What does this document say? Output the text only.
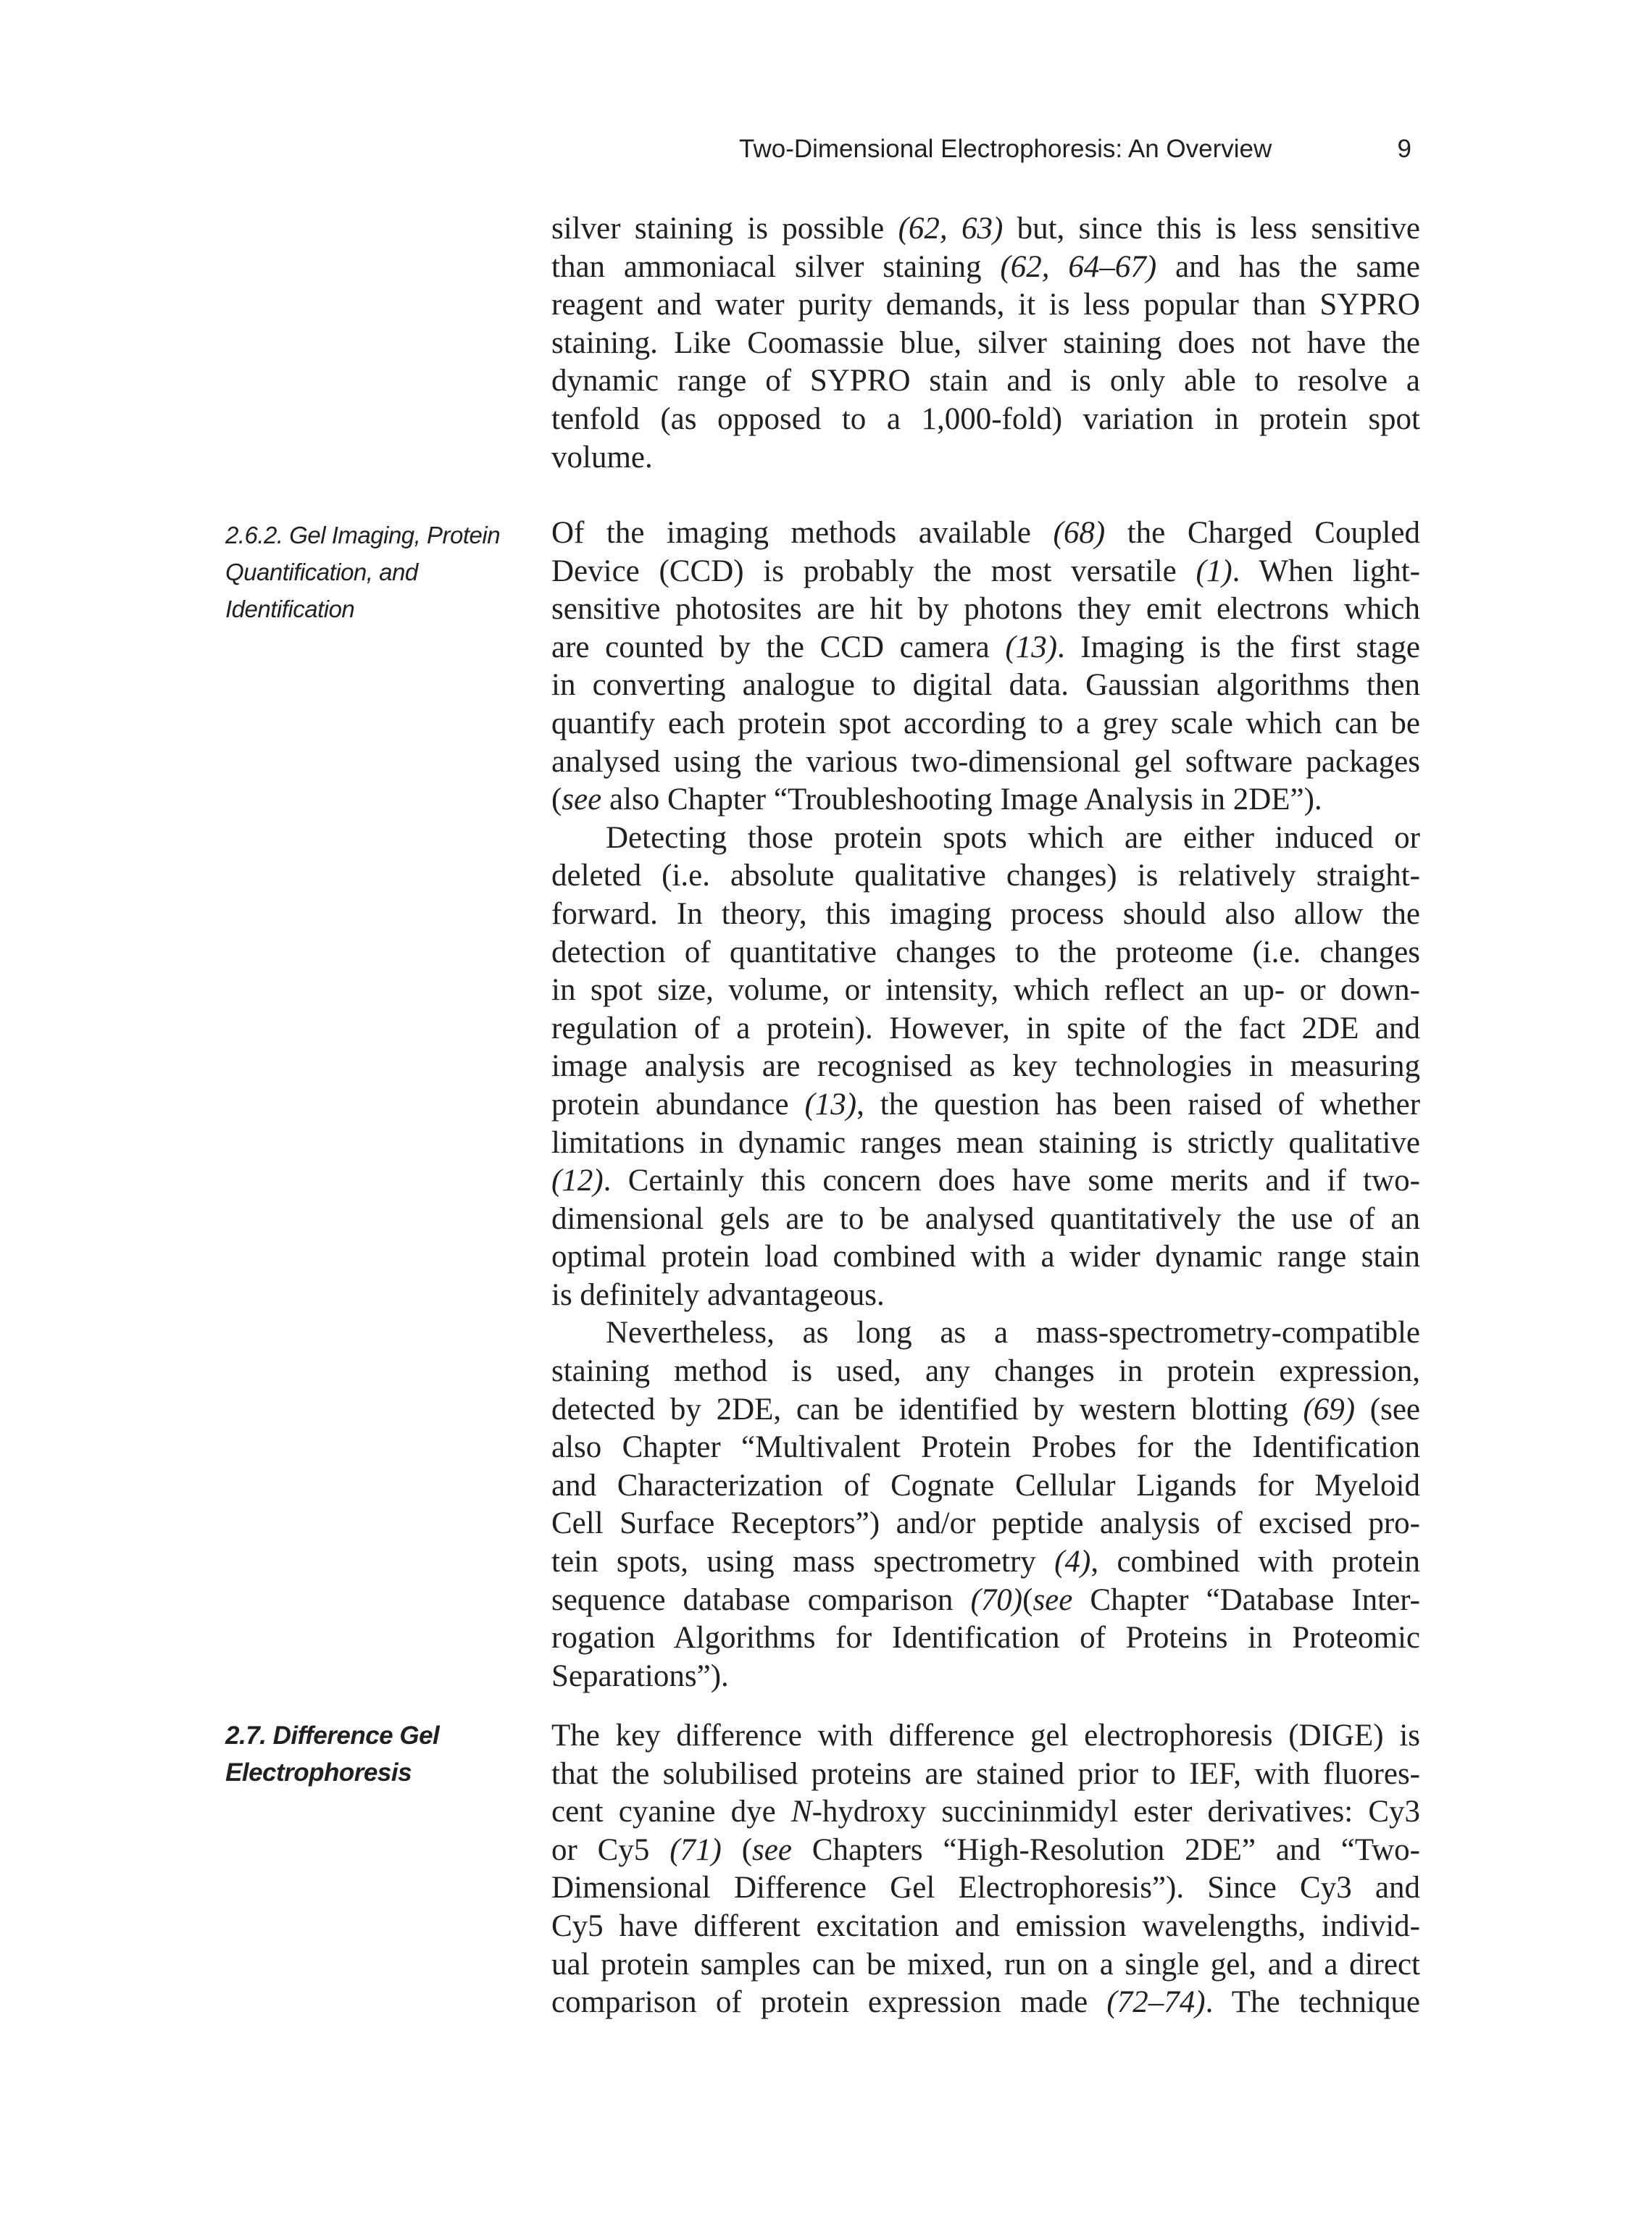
Two-Dimensional Electrophoresis: An Overview	9
silver staining is possible (62, 63) but, since this is less sensitive
than ammoniacal silver staining (62, 64–67) and has the same
reagent and water purity demands, it is less popular than SYPRO
staining. Like Coomassie blue, silver staining does not have the
dynamic range of SYPRO stain and is only able to resolve a
tenfold (as opposed to a 1,000-fold) variation in protein spot
volume.
2.6.2. Gel Imaging, Protein Quantification, and Identification
Of the imaging methods available (68) the Charged Coupled
Device (CCD) is probably the most versatile (1). When light-
sensitive photosites are hit by photons they emit electrons which
are counted by the CCD camera (13). Imaging is the first stage
in converting analogue to digital data. Gaussian algorithms then
quantify each protein spot according to a grey scale which can be
analysed using the various two-dimensional gel software packages
(see also Chapter “Troubleshooting Image Analysis in 2DE”).
Detecting those protein spots which are either induced or
deleted (i.e. absolute qualitative changes) is relatively straight-
forward. In theory, this imaging process should also allow the
detection of quantitative changes to the proteome (i.e. changes
in spot size, volume, or intensity, which reflect an up- or down-
regulation of a protein). However, in spite of the fact 2DE and
image analysis are recognised as key technologies in measuring
protein abundance (13), the question has been raised of whether
limitations in dynamic ranges mean staining is strictly qualitative
(12). Certainly this concern does have some merits and if two-
dimensional gels are to be analysed quantitatively the use of an
optimal protein load combined with a wider dynamic range stain
is definitely advantageous.
Nevertheless, as long as a mass-spectrometry-compatible
staining method is used, any changes in protein expression,
detected by 2DE, can be identified by western blotting (69) (see
also Chapter “Multivalent Protein Probes for the Identification
and Characterization of Cognate Cellular Ligands for Myeloid
Cell Surface Receptors”) and/or peptide analysis of excised pro-
tein spots, using mass spectrometry (4), combined with protein
sequence database comparison (70)(see Chapter “Database Inter-
rogation Algorithms for Identification of Proteins in Proteomic
Separations”).
2.7. Difference Gel Electrophoresis
The key difference with difference gel electrophoresis (DIGE) is
that the solubilised proteins are stained prior to IEF, with fluores-
cent cyanine dye N-hydroxy succininmidyl ester derivatives: Cy3
or Cy5 (71) (see Chapters “High-Resolution 2DE” and “Two-
Dimensional Difference Gel Electrophoresis”). Since Cy3 and
Cy5 have different excitation and emission wavelengths, individ-
ual protein samples can be mixed, run on a single gel, and a direct
comparison of protein expression made (72–74). The technique
